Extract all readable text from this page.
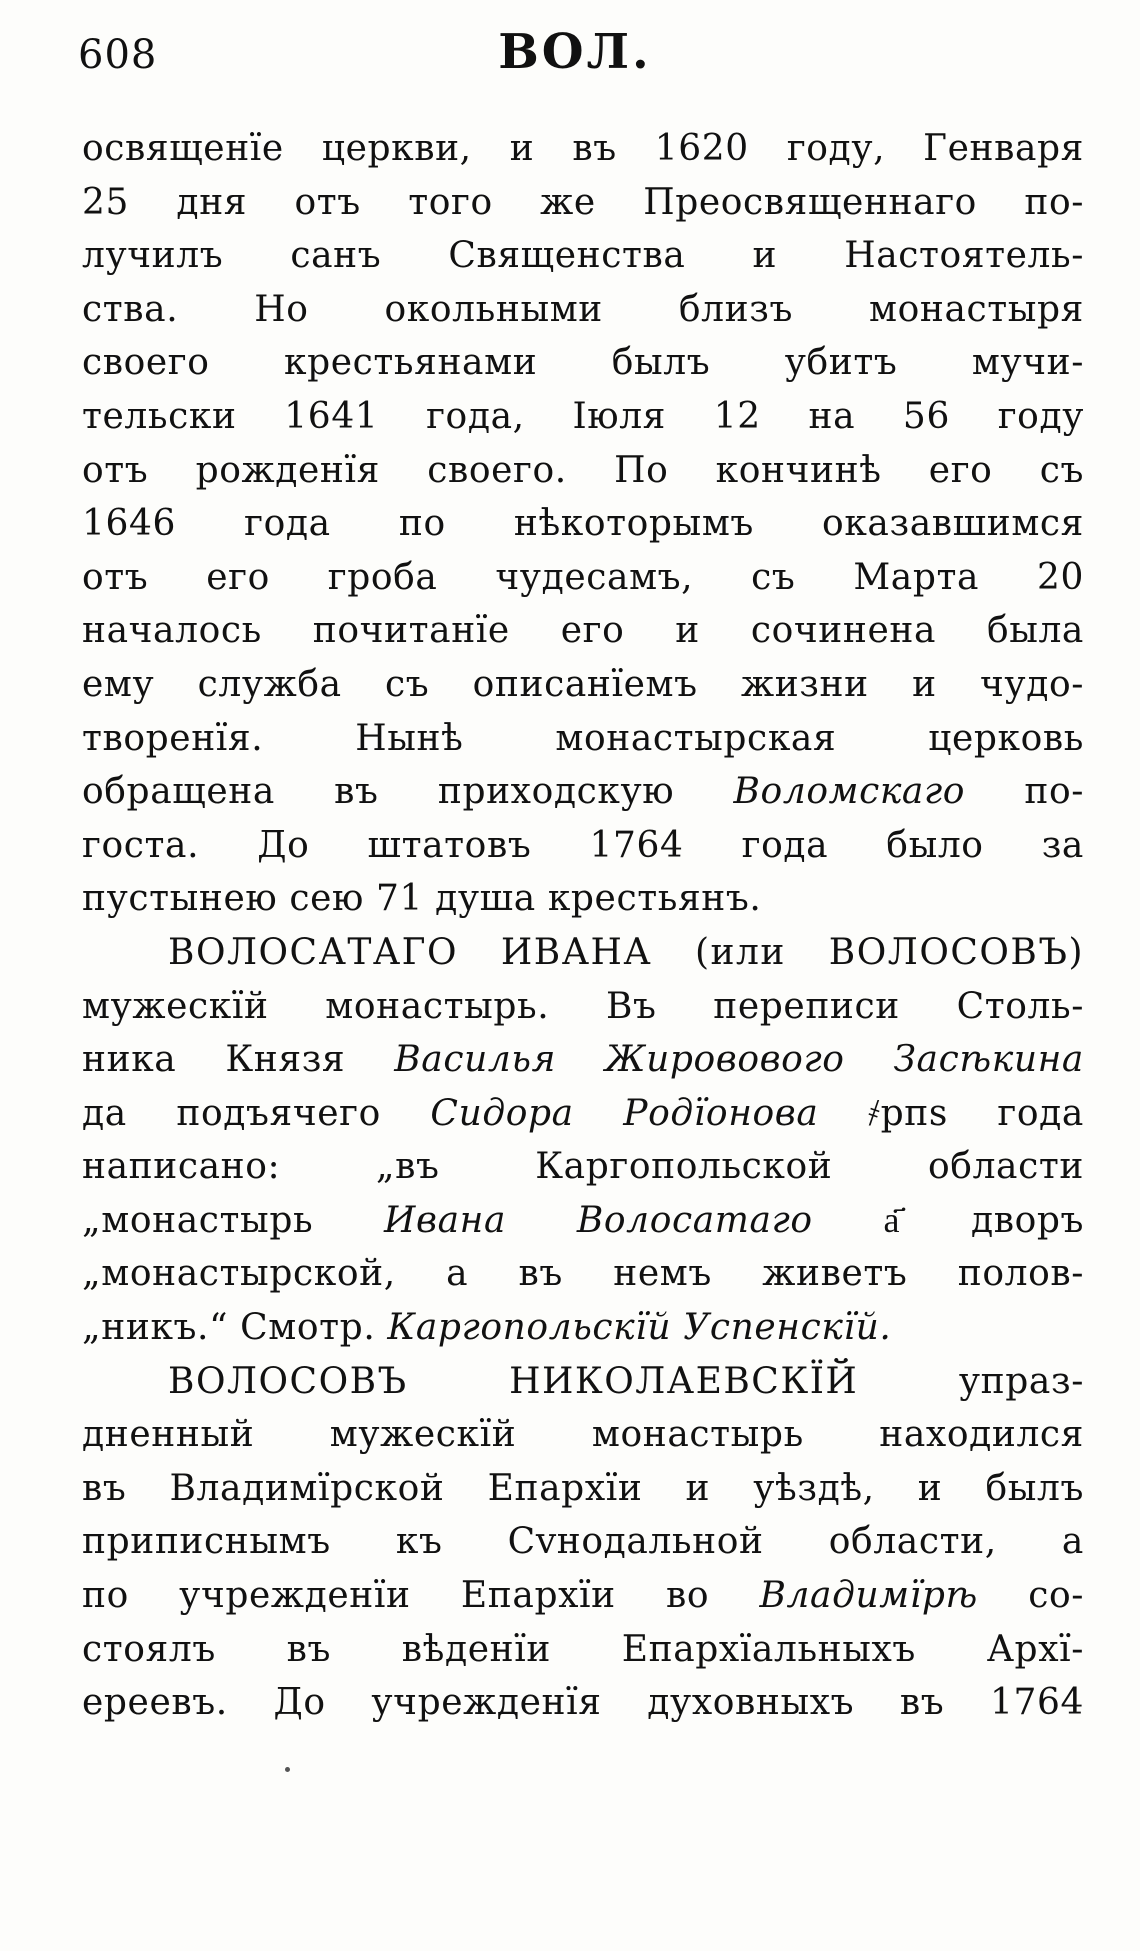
608	ВОЛ.
освященїе церкви, и въ 1620 году, Генваря
25 дня отъ того же Преосвященнаго по-
лучилъ санъ Священства и Настоятель-
ства. Но окольными близъ монастыря
своего крестьянами былъ убитъ мучи-
тельски 1641 года, Iюля 12 на 56 году
отъ рожденїя своего. По кончинѣ его съ
1646 года по нѣкоторымъ оказавшимся
отъ его гроба чудесамъ, съ Марта 20
началось почитанїе его и сочинена была
ему служба съ описанїемъ жизни и чудо-
творенїя. Нынѣ монастырская церковь
обращена въ приходскую Воломскаго по-
госта. До штатовъ 1764 года было за
пустынею сею 71 душа крестьянъ.
ВОЛОСАТАГО ИВАНА (или ВОЛОСОВЪ)
мужескїй монастырь. Въ переписи Столь-
ника Князя Василья Жировового Засѣкина
да подъячего Сидора Родїонова ҂рпѕ года
написано: „въ Каргопольской области
„монастырь Ивана Волосатаго а҃ дворъ
„монастырской, а въ немъ живетъ полов-
„никъ.“ Смотр. Каргопольскїй Успенскїй.
ВОЛОСОВЪ НИКОЛАЕВСКЇЙ упраз-
дненный мужескїй монастырь находился
въ Владимїрской Епархїи и уѣздѣ, и былъ
приписнымъ къ Сvнодальной области, а
по учрежденїи Епархїи во Владимїрѣ со-
стоялъ въ вѣденїи Епархїальныхъ Архї-
ереевъ. До учрежденїя духовныхъ въ 1764
